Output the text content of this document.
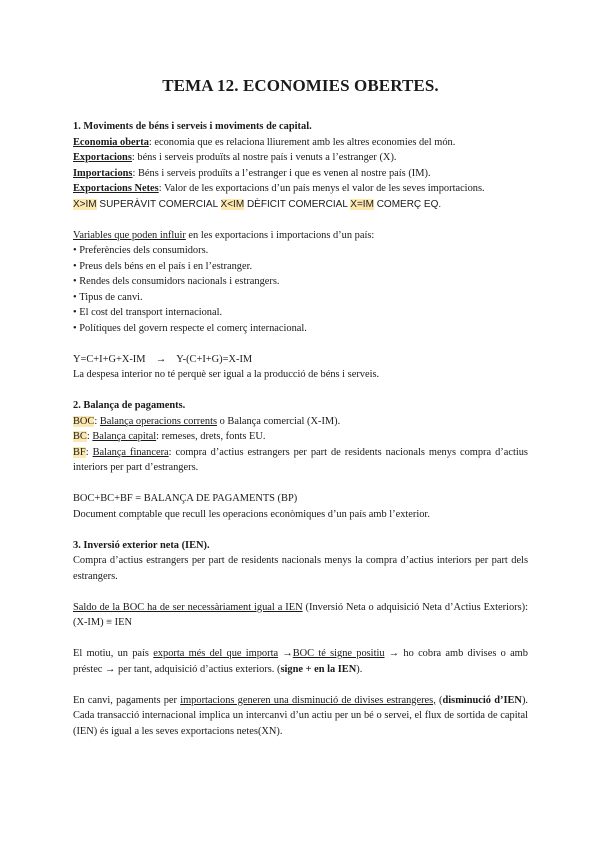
TEMA 12. ECONOMIES OBERTES.

1. Moviments de béns i serveis i moviments de capital.

Economia oberta: economia que es relaciona lliurement amb les altres economies del món.

Exportacions: béns i serveis produïts al nostre país i venuts a l’estranger (X).

Importacions: Béns i serveis produïts a l’estranger i que es venen al nostre país (IM).

Exportacions Netes: Valor de les exportacions d’un país menys el valor de les seves importacions.

X>IM SUPERÀVIT COMERCIAL X<IM DÈFICIT COMERCIAL X=IM COMERÇ EQ.

Variables que poden influir en les exportacions i importacions d’un país:

• Preferències dels consumidors.
• Preus dels béns en el país i en l’estranger.
• Rendes dels consumidors nacionals i estrangers.
• Tipus de canvi.
• El cost del transport internacional.
• Polítiques del govern respecte el comerç internacional.

Y=C+I+G+X-IM    →    Y-(C+I+G)=X-IM

La despesa interior no té perquè ser igual a la producció de béns i serveis.

2. Balança de pagaments.

BOC: Balança operacions corrents o Balança comercial (X-IM).

BC: Balança capital: remeses, drets, fonts EU.

BF: Balança financera: compra d’actius estrangers per part de residents nacionals menys compra d’actius interiors per part d’estrangers.

BOC+BC+BF = BALANÇA DE PAGAMENTS (BP)

Document comptable que recull les operacions econòmiques d’un país amb l’exterior.

3. Inversió exterior neta (IEN).

Compra d’actius estrangers per part de residents nacionals menys la compra d’actius interiors per part dels estrangers.

Saldo de la BOC ha de ser necessàriament igual a IEN (Inversió Neta o adquisició Neta d’Actius Exteriors): (X-IM) ≡ IEN

El motiu, un país exporta més del que importa →BOC té signe positiu → ho cobra amb divises o amb préstec → per tant, adquisició d’actius exteriors. (signe + en la IEN).

En canvi, pagaments per importacions generen una disminució de divises estrangeres, (disminució d’IEN). Cada transacció internacional implica un intercanvi d’un actiu per un bé o servei, el flux de sortida de capital (IEN) és igual a les seves exportacions netes(XN).
